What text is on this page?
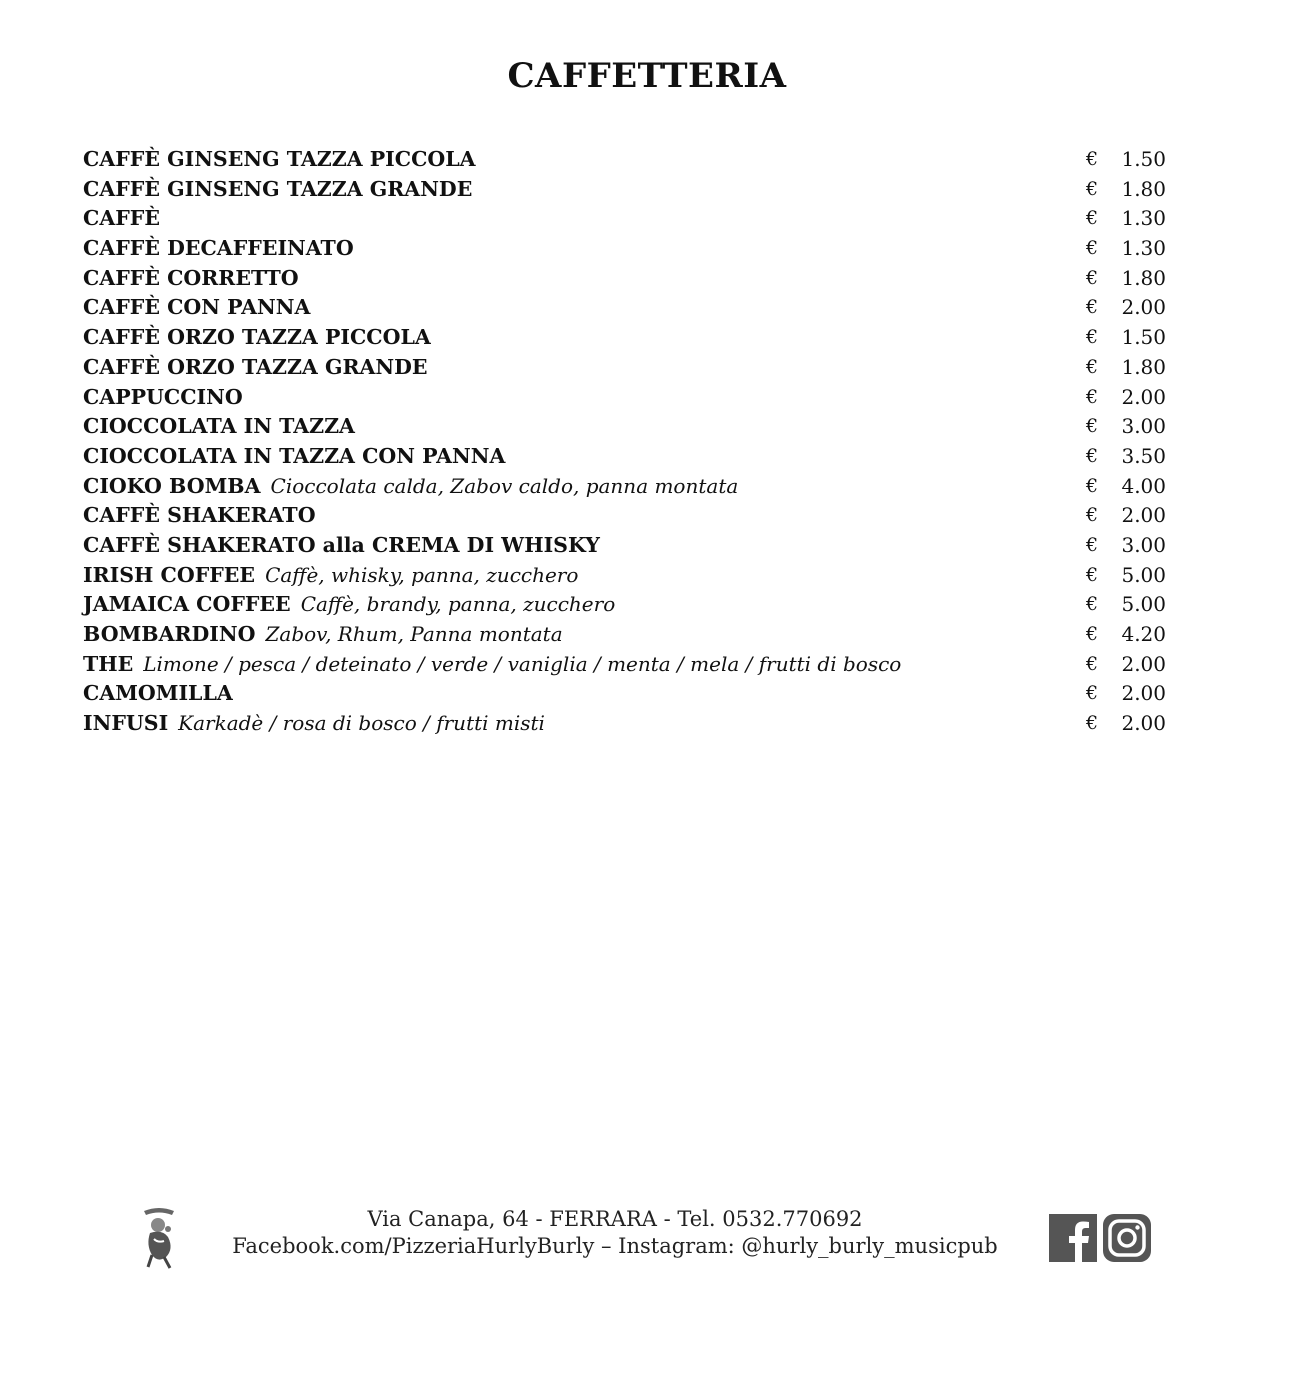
CAFFETTERIA
CAFFÈ GINSENG TAZZA PICCOLA	€ 1.50
CAFFÈ GINSENG TAZZA GRANDE	€ 1.80
CAFFÈ	€ 1.30
CAFFÈ DECAFFEINATO	€ 1.30
CAFFÈ CORRETTO	€ 1.80
CAFFÈ CON PANNA	€ 2.00
CAFFÈ ORZO TAZZA PICCOLA	€ 1.50
CAFFÈ ORZO TAZZA GRANDE	€ 1.80
CAPPUCCINO	€ 2.00
CIOCCOLATA IN TAZZA	€ 3.00
CIOCCOLATA IN TAZZA CON PANNA	€ 3.50
CIOKO BOMBA Cioccolata calda, Zabov caldo, panna montata	€ 4.00
CAFFÈ SHAKERATO	€ 2.00
CAFFÈ SHAKERATO alla CREMA DI WHISKY	€ 3.00
IRISH COFFEE Caffè, whisky, panna, zucchero	€ 5.00
JAMAICA COFFEE Caffè, brandy, panna, zucchero	€ 5.00
BOMBARDINO Zabov, Rhum, Panna montata	€ 4.20
THE Limone / pesca / deteinato / verde / vaniglia / menta / mela / frutti di bosco	€ 2.00
CAMOMILLA	€ 2.00
INFUSI Karkadè / rosa di bosco / frutti misti	€ 2.00
Via Canapa, 64 - FERRARA - Tel. 0532.770692
Facebook.com/PizzeriaHurlyBurly – Instagram: @hurly_burly_musicpub
